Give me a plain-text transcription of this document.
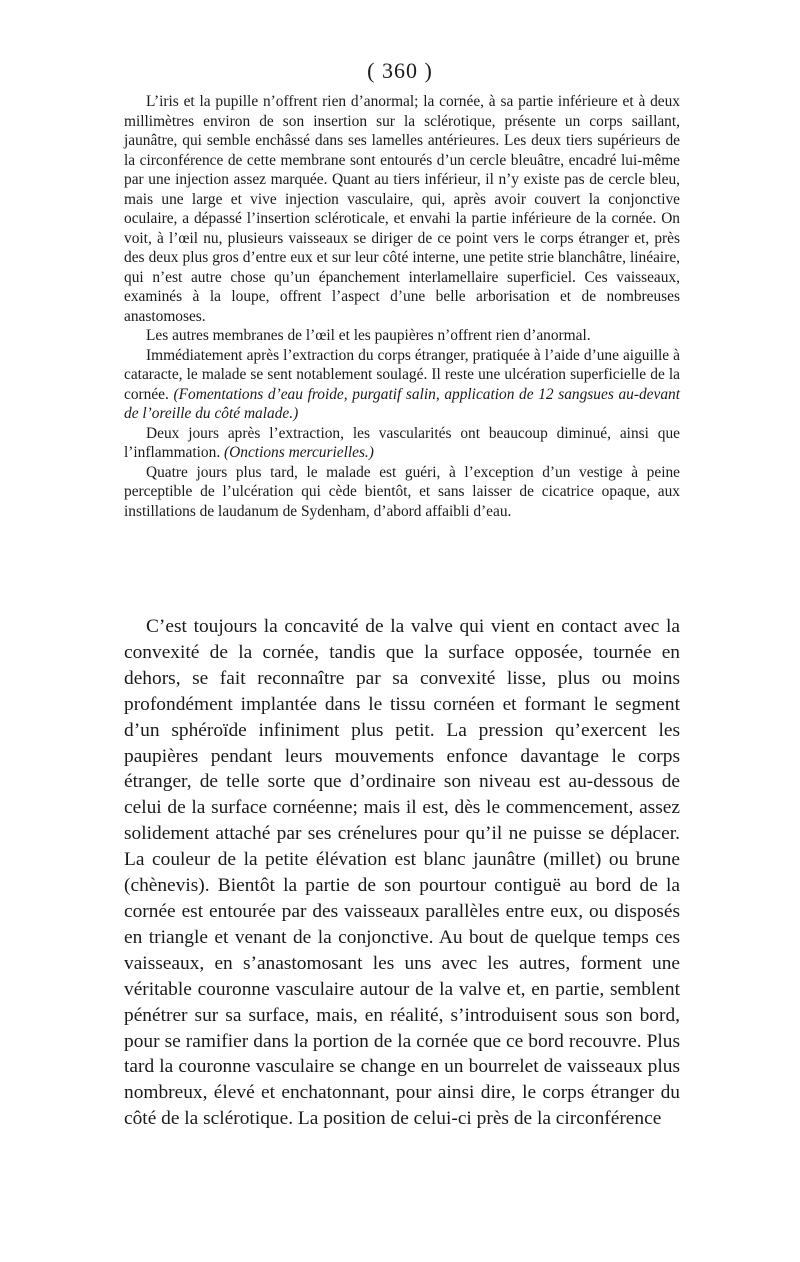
( 360 )

L’iris et la pupille n’offrent rien d’anormal; la cornée, à sa partie inférieure et à deux millimètres environ de son insertion sur la sclérotique, présente un corps saillant, jaunâtre, qui semble enchâssé dans ses lamelles antérieures. Les deux tiers supérieurs de la circonférence de cette membrane sont entourés d’un cercle bleuâtre, encadré lui-même par une injection assez marquée. Quant au tiers inférieur, il n’y existe pas de cercle bleu, mais une large et vive injection vasculaire, qui, après avoir couvert la conjonctive oculaire, a dépassé l’insertion scléroticale, et envahi la partie inférieure de la cornée. On voit, à l’œil nu, plusieurs vaisseaux se diriger de ce point vers le corps étranger et, près des deux plus gros d’entre eux et sur leur côté interne, une petite strie blanchâtre, linéaire, qui n’est autre chose qu’un épanchement interlamellaire superficiel. Ces vaisseaux, examinés à la loupe, offrent l’aspect d’une belle arborisation et de nombreuses anastomoses.

Les autres membranes de l’œil et les paupières n’offrent rien d’anormal.

Immédiatement après l’extraction du corps étranger, pratiquée à l’aide d’une aiguille à cataracte, le malade se sent notablement soulagé. Il reste une ulcération superficielle de la cornée. (Fomentations d’eau froide, purgatif salin, application de 12 sangsues au-devant de l’oreille du côté malade.)

Deux jours après l’extraction, les vascularités ont beaucoup diminué, ainsi que l’inflammation. (Onctions mercurielles.)

Quatre jours plus tard, le malade est guéri, à l’exception d’un vestige à peine perceptible de l’ulcération qui cède bientôt, et sans laisser de cicatrice opaque, aux instillations de laudanum de Sydenham, d’abord affaibli d’eau.

C’est toujours la concavité de la valve qui vient en contact avec la convexité de la cornée, tandis que la surface opposée, tournée en dehors, se fait reconnaître par sa convexité lisse, plus ou moins profondément implantée dans le tissu cornéen et formant le segment d’un sphéroïde infiniment plus petit. La pression qu’exercent les paupières pendant leurs mouvements enfonce davantage le corps étranger, de telle sorte que d’ordinaire son niveau est au-dessous de celui de la surface cornéenne; mais il est, dès le commencement, assez solidement attaché par ses crénelures pour qu’il ne puisse se déplacer. La couleur de la petite élévation est blanc jaunâtre (millet) ou brune (chènevis). Bientôt la partie de son pourtour contiguë au bord de la cornée est entourée par des vaisseaux parallèles entre eux, ou disposés en triangle et venant de la conjonctive. Au bout de quelque temps ces vaisseaux, en s’anastomosant les uns avec les autres, forment une véritable couronne vasculaire autour de la valve et, en partie, semblent pénétrer sur sa surface, mais, en réalité, s’introduisent sous son bord, pour se ramifier dans la portion de la cornée que ce bord recouvre. Plus tard la couronne vasculaire se change en un bourrelet de vaisseaux plus nombreux, élevé et enchatonnant, pour ainsi dire, le corps étranger du côté de la sclérotique. La position de celui-ci près de la circonférence
